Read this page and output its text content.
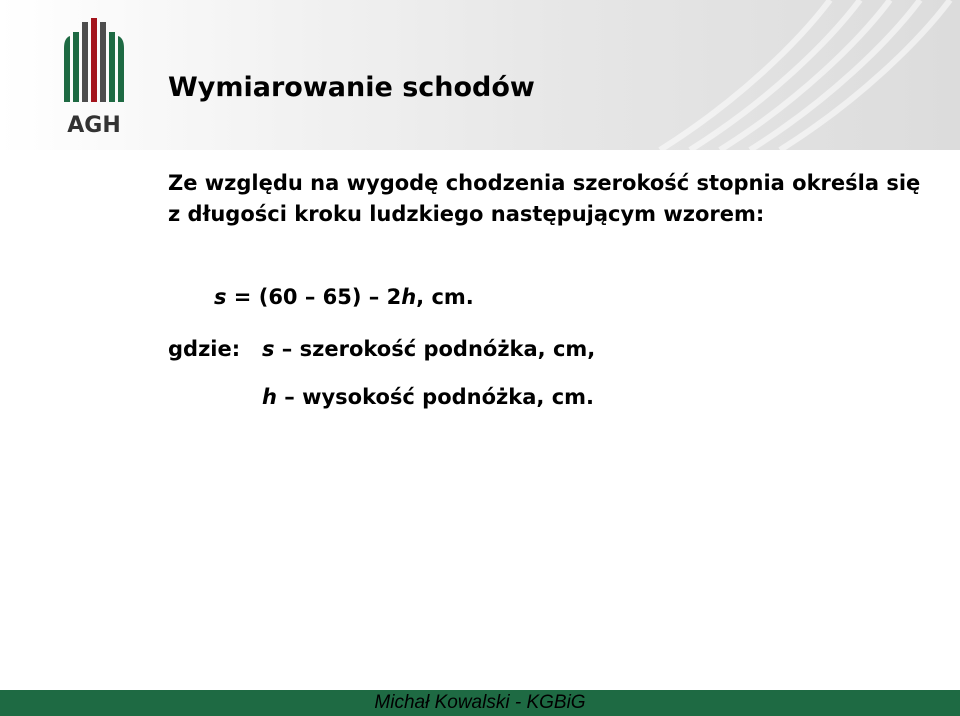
AGH
Wymiarowanie schodów
Ze względu na wygodę chodzenia szerokość stopnia określa się z długości kroku ludzkiego następującym wzorem:
s = (60 – 65) – 2h, cm.
gdzie: s – szerokość podnóżka, cm,
h – wysokość podnóżka, cm.
Michał Kowalski - KGBiG
